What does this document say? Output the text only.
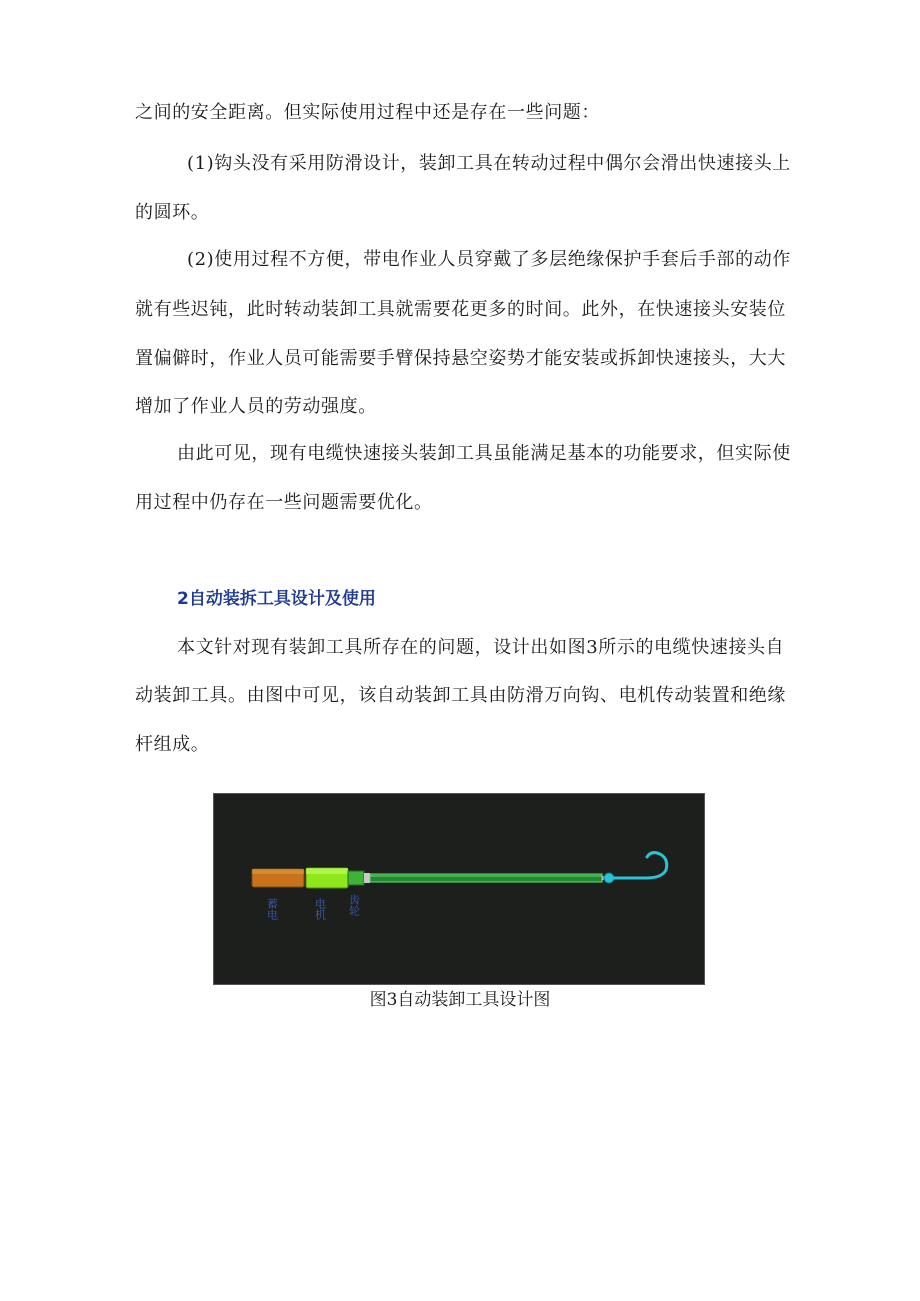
之间的安全距离。但实际使用过程中还是存在一些问题：
(1)钩头没有采用防滑设计，装卸工具在转动过程中偶尔会滑出快速接头上
的圆环。
(2)使用过程不方便，带电作业人员穿戴了多层绝缘保护手套后手部的动作
就有些迟钝，此时转动装卸工具就需要花更多的时间。此外，在快速接头安装位
置偏僻时，作业人员可能需要手臂保持悬空姿势才能安装或拆卸快速接头，大大
增加了作业人员的劳动强度。
由此可见，现有电缆快速接头装卸工具虽能满足基本的功能要求，但实际使
用过程中仍存在一些问题需要优化。
2自动装拆工具设计及使用
本文针对现有装卸工具所存在的问题，设计出如图3所示的电缆快速接头自
动装卸工具。由图中可见，该自动装卸工具由防滑万向钩、电机传动装置和绝缘
杆组成。
蓄电	电机 齿轮
图3自动装卸工具设计图
